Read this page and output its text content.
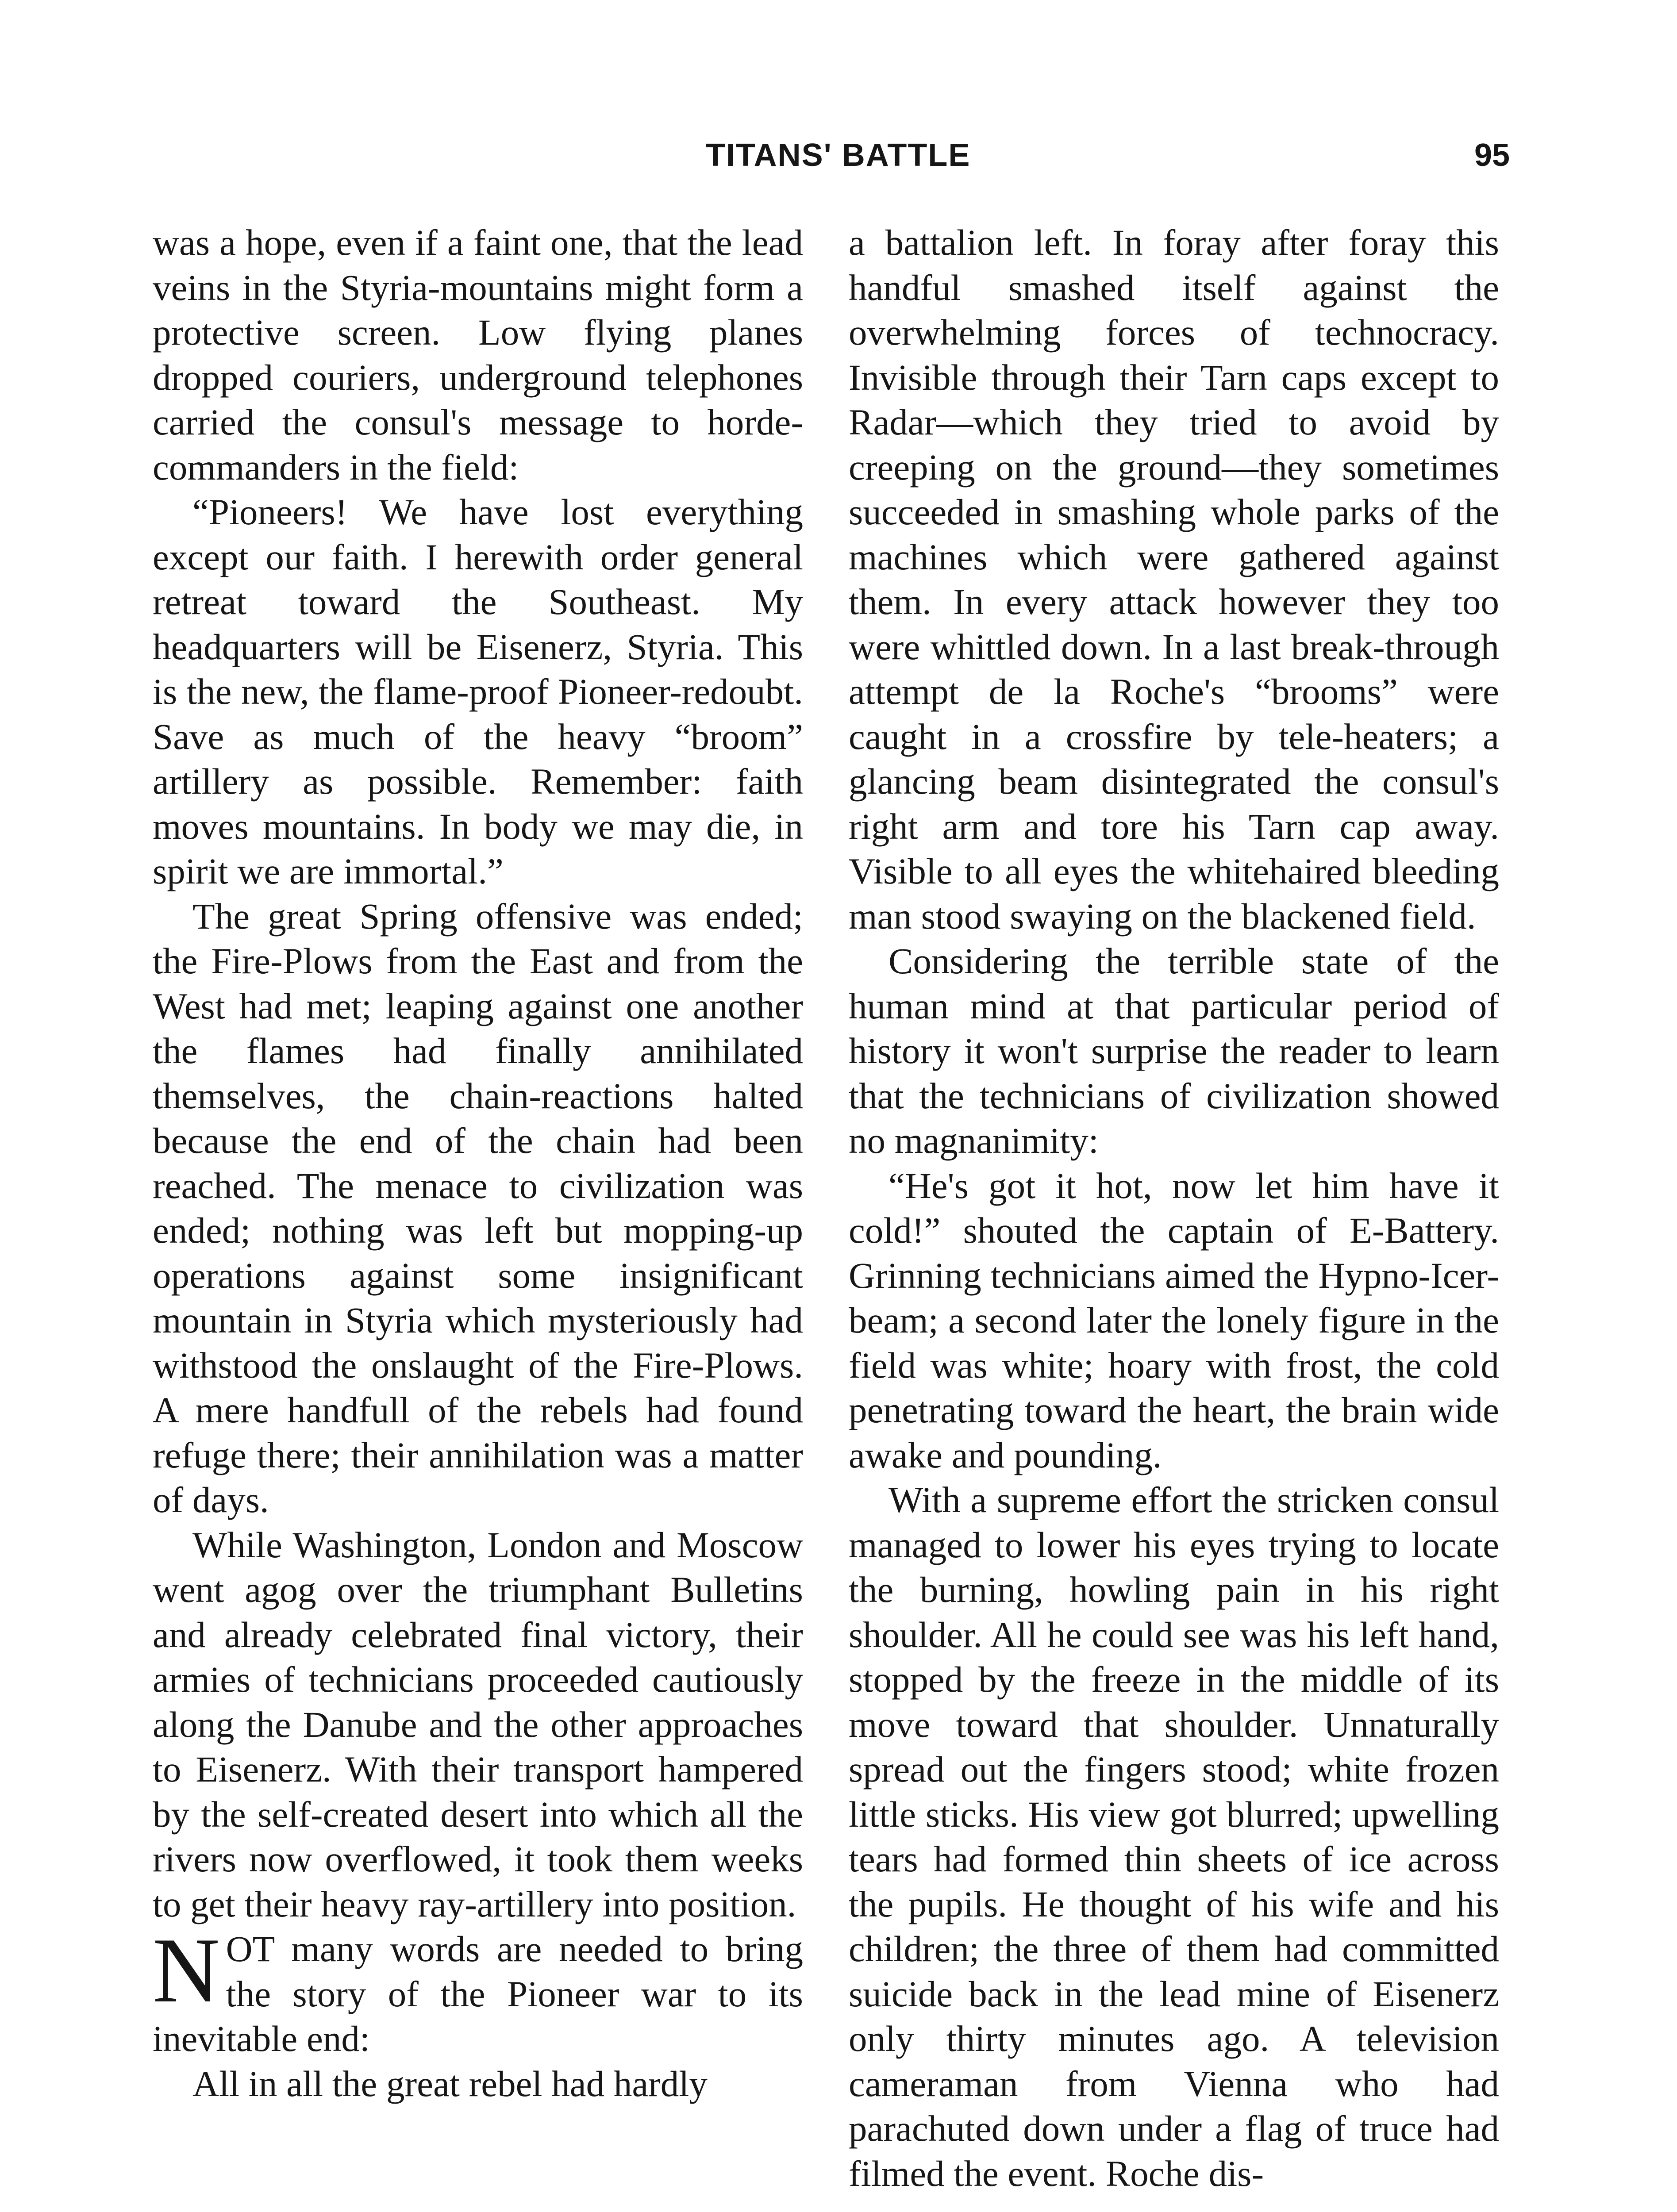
TITANS' BATTLE	95

was a hope, even if a faint one, that the lead veins in the Styria-mountains might form a protective screen. Low flying planes dropped couriers, underground telephones carried the consul's message to horde-commanders in the field:

“Pioneers! We have lost everything except our faith. I herewith order general retreat toward the Southeast. My headquarters will be Eisenerz, Styria. This is the new, the flame-proof Pioneer-redoubt. Save as much of the heavy “broom” artillery as possible. Remember: faith moves mountains. In body we may die, in spirit we are immortal.”

The great Spring offensive was ended; the Fire-Plows from the East and from the West had met; leaping against one another the flames had finally annihilated themselves, the chain-reactions halted because the end of the chain had been reached. The menace to civilization was ended; nothing was left but mopping-up operations against some insignificant mountain in Styria which mysteriously had withstood the onslaught of the Fire-Plows. A mere handfull of the rebels had found refuge there; their annihilation was a matter of days.

While Washington, London and Moscow went agog over the triumphant Bulletins and already celebrated final victory, their armies of technicians proceeded cautiously along the Danube and the other approaches to Eisenerz. With their transport hampered by the self-created desert into which all the rivers now overflowed, it took them weeks to get their heavy ray-artillery into position.

NOT many words are needed to bring the story of the Pioneer war to its inevitable end:

All in all the great rebel had hardly

a battalion left. In foray after foray this handful smashed itself against the overwhelming forces of technocracy. Invisible through their Tarn caps except to Radar—which they tried to avoid by creeping on the ground—they sometimes succeeded in smashing whole parks of the machines which were gathered against them. In every attack however they too were whittled down. In a last break-through attempt de la Roche's “brooms” were caught in a crossfire by tele-heaters; a glancing beam disintegrated the consul's right arm and tore his Tarn cap away. Visible to all eyes the whitehaired bleeding man stood swaying on the blackened field.

Considering the terrible state of the human mind at that particular period of history it won't surprise the reader to learn that the technicians of civilization showed no magnanimity:

“He's got it hot, now let him have it cold!” shouted the captain of E-Battery. Grinning technicians aimed the Hypno-Icer-beam; a second later the lonely figure in the field was white; hoary with frost, the cold penetrating toward the heart, the brain wide awake and pounding.

With a supreme effort the stricken consul managed to lower his eyes trying to locate the burning, howling pain in his right shoulder. All he could see was his left hand, stopped by the freeze in the middle of its move toward that shoulder. Unnaturally spread out the fingers stood; white frozen little sticks. His view got blurred; upwelling tears had formed thin sheets of ice across the pupils. He thought of his wife and his children; the three of them had committed suicide back in the lead mine of Eisenerz only thirty minutes ago. A television cameraman from Vienna who had parachuted down under a flag of truce had filmed the event. Roche dis-
